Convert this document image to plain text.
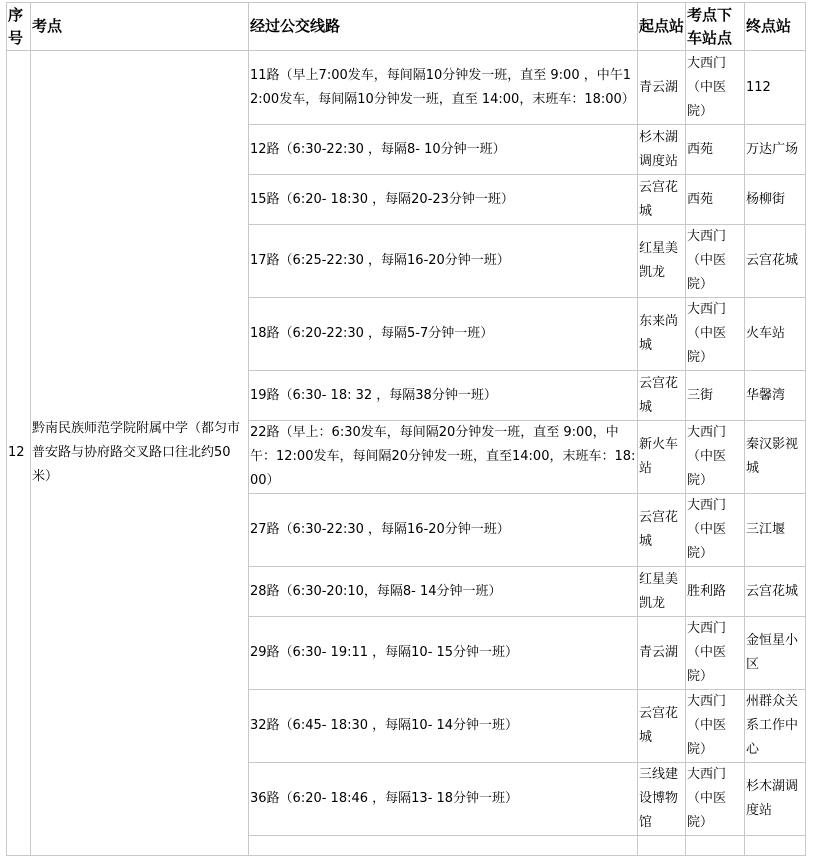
序号	考点	经过公交线路	起点站	考点下车站点	终点站
12	黔南民族师范学院附属中学（都匀市普安路与协府路交叉路口往北约50米）	11路（早上7:00发车，每间隔10分钟发一班，直至 9:00 ，中午12:00发车，每间隔10分钟发一班，直至 14:00，末班车：18:00）	青云湖	大西门（中医院）	112
		12路（6:30-22:30 ，每隔8- 10分钟一班）	杉木湖调度站	西苑	万达广场
		15路（6:20- 18:30 ，每隔20-23分钟一班）	云宫花城	西苑	杨柳街
		17路（6:25-22:30 ，每隔16-20分钟一班）	红星美凯龙	大西门（中医院）	云宫花城
		18路（6:20-22:30 ，每隔5-7分钟一班）	东来尚城	大西门（中医院）	火车站
		19路（6:30- 18: 32 ，每隔38分钟一班）	云宫花城	三街	华馨湾
		22路（早上：6:30发车，每间隔20分钟发一班，直至 9:00，中午：12:00发车，每间隔20分钟发一班，直至14:00，末班车：18:00）	新火车站	大西门（中医院）	秦汉影视城
		27路（6:30-22:30 ，每隔16-20分钟一班）	云宫花城	大西门（中医院）	三江堰
		28路（6:30-20:10，每隔8- 14分钟一班）	红星美凯龙	胜利路	云宫花城
		29路（6:30- 19:11 ，每隔10- 15分钟一班）	青云湖	大西门（中医院）	金恒星小区
		32路（6:45- 18:30 ，每隔10- 14分钟一班）	云宫花城	大西门（中医院）	州群众关系工作中心
		36路（6:20- 18:46 ，每隔13- 18分钟一班）	三线建设博物馆	大西门（中医院）	杉木湖调度站
